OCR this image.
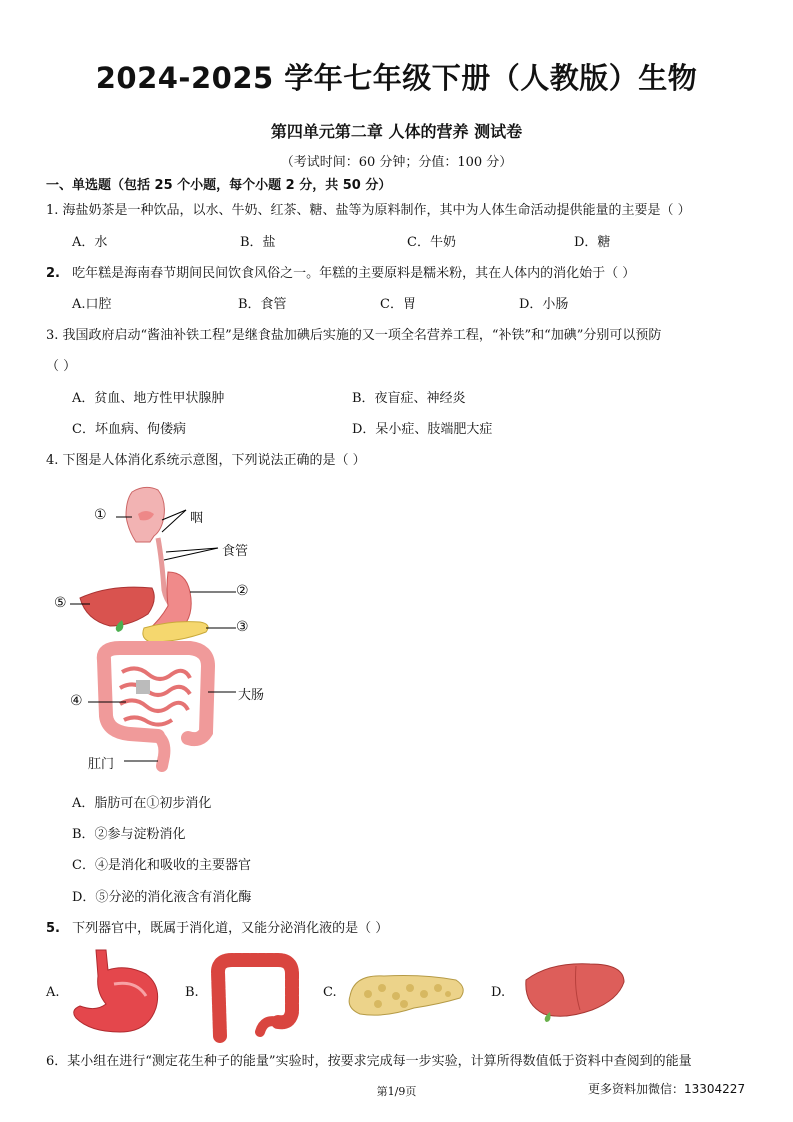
2024-2025 学年七年级下册（人教版）生物
第四单元第二章 人体的营养 测试卷
（考试时间：60 分钟；分值：100 分）
一、单选题（包括 25 个小题，每个小题 2 分，共 50 分）
1. 海盐奶茶是一种饮品，以水、牛奶、红茶、糖、盐等为原料制作，其中为人体生命活动提供能量的主要是（ ）
A．水	B．盐	C．牛奶	D．糖
2. 吃年糕是海南春节期间民间饮食风俗之一。年糕的主要原料是糯米粉，其在人体内的消化始于（ ）
A.口腔	B．食管	C．胃	D．小肠
3. 我国政府启动“酱油补铁工程”是继食盐加碘后实施的又一项全名营养工程，“补铁”和“加碘”分别可以预防
（ ）
A．贫血、地方性甲状腺肿	B．夜盲症、神经炎
C．坏血病、佝偻病	D．呆小症、肢端肥大症
4. 下图是人体消化系统示意图，下列说法正确的是（ ）
①	咽
食管
②
⑤
③
④	大肠
肛门
A．脂肪可在①初步消化
B．②参与淀粉消化
C．④是消化和吸收的主要器官
D．⑤分泌的消化液含有消化酶
5. 下列器官中，既属于消化道，又能分泌消化液的是（ ）
A.	B.	C.	D.
6．某小组在进行“测定花生种子的能量”实验时，按要求完成每一步实验，计算所得数值低于资料中查阅到的能量
第1/9页	更多资料加微信：13304227
